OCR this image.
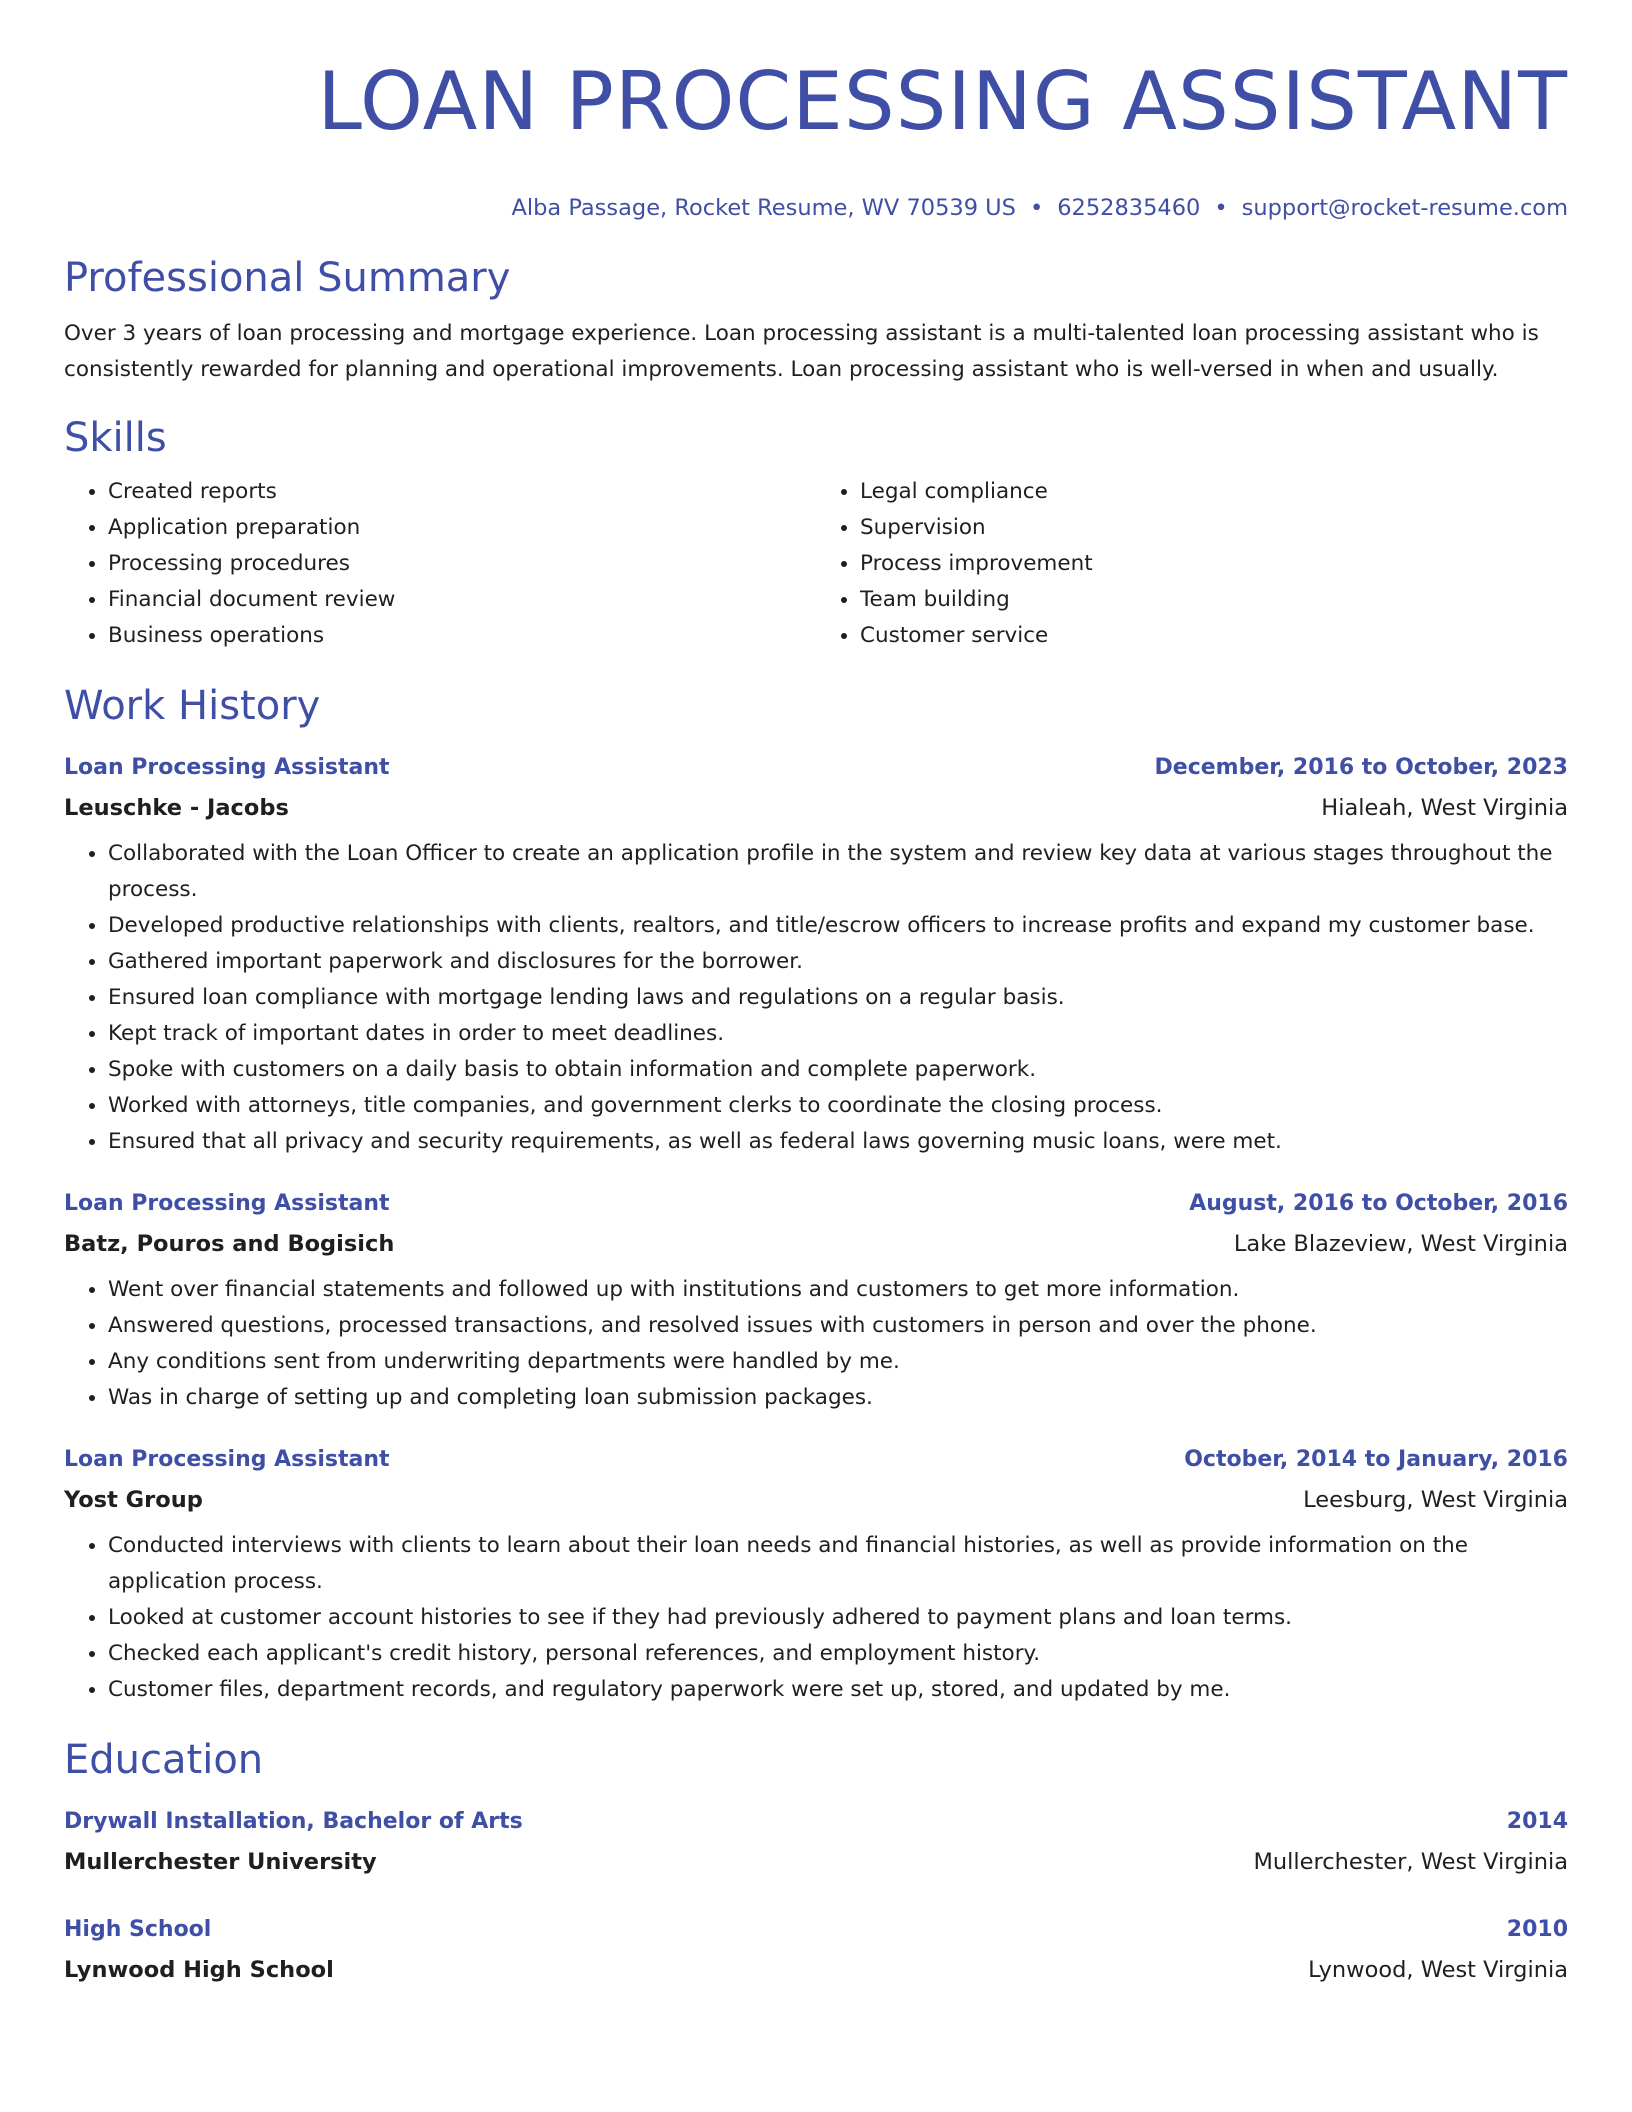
LOAN PROCESSING ASSISTANT
Alba Passage, Rocket Resume, WV 70539 US • 6252835460 • support@rocket-resume.com
Professional Summary

Over 3 years of loan processing and mortgage experience. Loan processing assistant is a multi-talented loan processing assistant who is consistently rewarded for planning and operational improvements. Loan processing assistant who is well-versed in when and usually.

Skills
• Created reports
• Application preparation
• Processing procedures
• Financial document review
• Business operations
• Legal compliance
• Supervision
• Process improvement
• Team building
• Customer service
Work History
Loan Processing Assistant	December, 2016 to October, 2023
Leuschke - Jacobs	Hialeah, West Virginia
• Collaborated with the Loan Officer to create an application profile in the system and review key data at various stages throughout the process.
• Developed productive relationships with clients, realtors, and title/escrow officers to increase profits and expand my customer base.
• Gathered important paperwork and disclosures for the borrower.
• Ensured loan compliance with mortgage lending laws and regulations on a regular basis.
• Kept track of important dates in order to meet deadlines.
• Spoke with customers on a daily basis to obtain information and complete paperwork.
• Worked with attorneys, title companies, and government clerks to coordinate the closing process.
• Ensured that all privacy and security requirements, as well as federal laws governing music loans, were met.
Loan Processing Assistant	August, 2016 to October, 2016
Batz, Pouros and Bogisich	Lake Blazeview, West Virginia
• Went over financial statements and followed up with institutions and customers to get more information.
• Answered questions, processed transactions, and resolved issues with customers in person and over the phone.
• Any conditions sent from underwriting departments were handled by me.
• Was in charge of setting up and completing loan submission packages.
Loan Processing Assistant	October, 2014 to January, 2016
Yost Group	Leesburg, West Virginia
• Conducted interviews with clients to learn about their loan needs and financial histories, as well as provide information on the application process.
• Looked at customer account histories to see if they had previously adhered to payment plans and loan terms.
• Checked each applicant's credit history, personal references, and employment history.
• Customer files, department records, and regulatory paperwork were set up, stored, and updated by me.
Education
Drywall Installation, Bachelor of Arts	2014
Mullerchester University	Mullerchester, West Virginia
High School	2010
Lynwood High School	Lynwood, West Virginia
